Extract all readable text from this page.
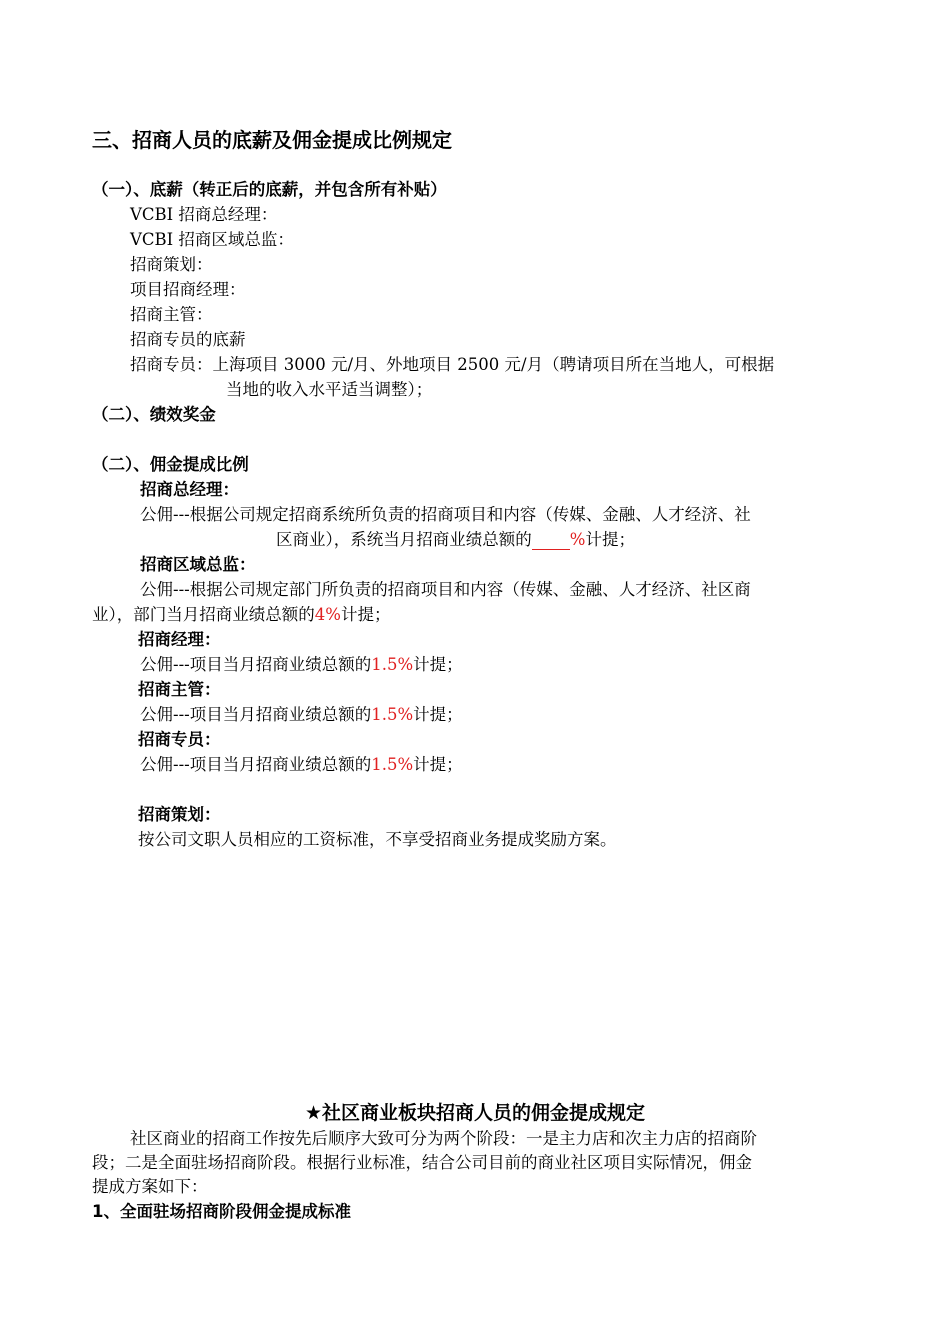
三、招商人员的底薪及佣金提成比例规定
（一）、底薪（转正后的底薪，并包含所有补贴）
VCBI 招商总经理：
VCBI 招商区域总监：
招商策划：
项目招商经理：
招商主管：
招商专员的底薪
招商专员：上海项目 3000 元/月、外地项目 2500 元/月（聘请项目所在当地人，可根据
当地的收入水平适当调整）；
（二）、绩效奖金
（二）、佣金提成比例
招商总经理：
公佣---根据公司规定招商系统所负责的招商项目和内容（传媒、金融、人才经济、社
区商业），系统当月招商业绩总额的 %计提；
招商区域总监：
公佣---根据公司规定部门所负责的招商项目和内容（传媒、金融、人才经济、社区商
业），部门当月招商业绩总额的4%计提；
招商经理：
公佣---项目当月招商业绩总额的1.5%计提；
招商主管：
公佣---项目当月招商业绩总额的1.5%计提；
招商专员：
公佣---项目当月招商业绩总额的1.5%计提；
招商策划：
按公司文职人员相应的工资标准，不享受招商业务提成奖励方案。
★社区商业板块招商人员的佣金提成规定
社区商业的招商工作按先后顺序大致可分为两个阶段：一是主力店和次主力店的招商阶
段；二是全面驻场招商阶段。根据行业标准，结合公司目前的商业社区项目实际情况，佣金
提成方案如下：
1、全面驻场招商阶段佣金提成标准
